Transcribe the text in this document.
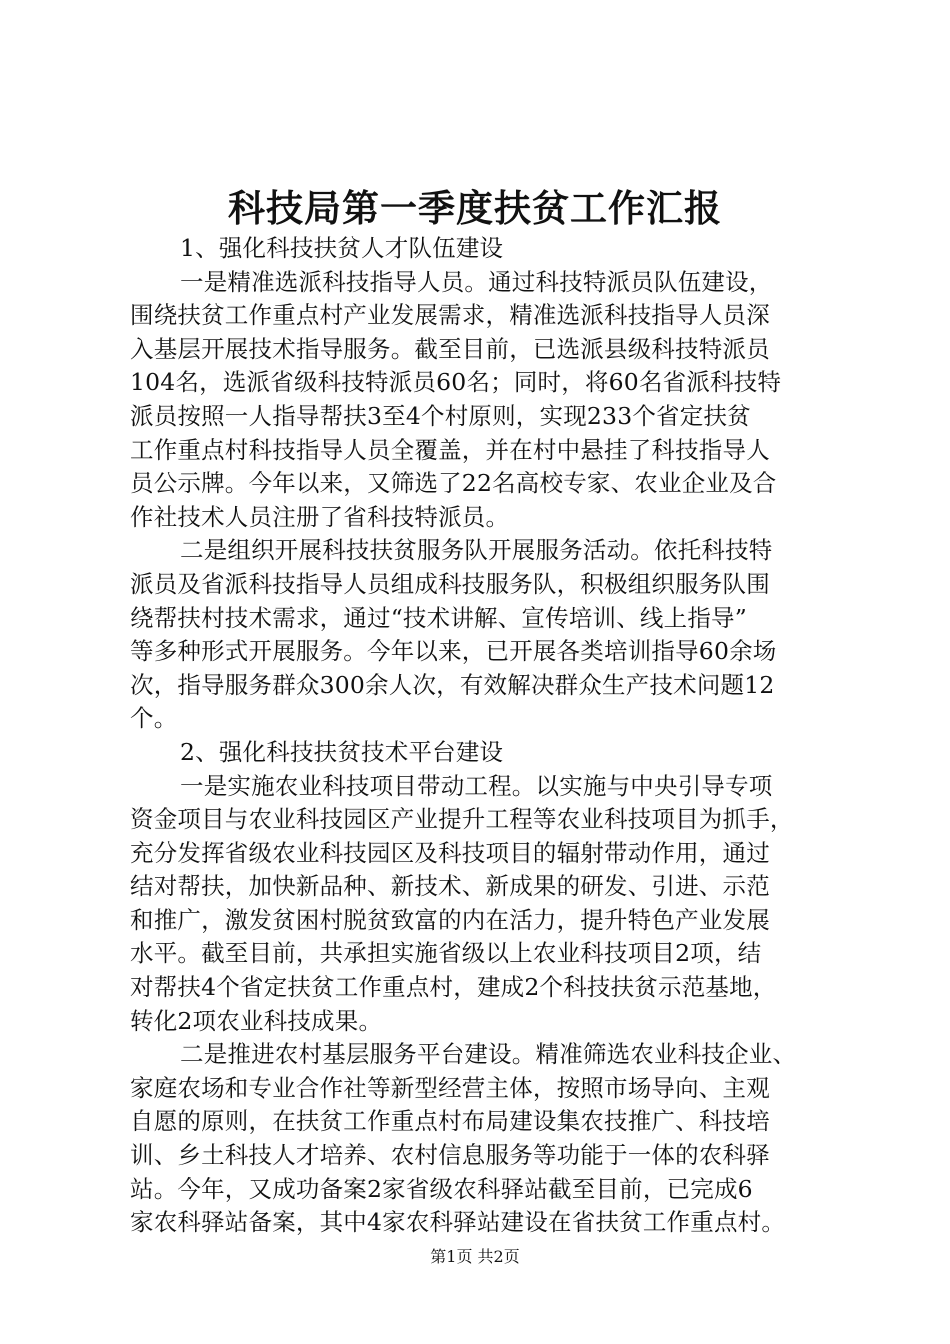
科技局第一季度扶贫工作汇报
1、强化科技扶贫人才队伍建设
一是精准选派科技指导人员。通过科技特派员队伍建设，
围绕扶贫工作重点村产业发展需求，精准选派科技指导人员深
入基层开展技术指导服务。截至目前，已选派县级科技特派员
104名，选派省级科技特派员60名；同时，将60名省派科技特
派员按照一人指导帮扶3至4个村原则，实现233个省定扶贫
工作重点村科技指导人员全覆盖，并在村中悬挂了科技指导人
员公示牌。今年以来，又筛选了22名高校专家、农业企业及合
作社技术人员注册了省科技特派员。
二是组织开展科技扶贫服务队开展服务活动。依托科技特
派员及省派科技指导人员组成科技服务队，积极组织服务队围
绕帮扶村技术需求，通过“技术讲解、宣传培训、线上指导”
等多种形式开展服务。今年以来，已开展各类培训指导60余场
次，指导服务群众300余人次，有效解决群众生产技术问题12
个。
2、强化科技扶贫技术平台建设
一是实施农业科技项目带动工程。以实施与中央引导专项
资金项目与农业科技园区产业提升工程等农业科技项目为抓手，
充分发挥省级农业科技园区及科技项目的辐射带动作用，通过
结对帮扶，加快新品种、新技术、新成果的研发、引进、示范
和推广，激发贫困村脱贫致富的内在活力，提升特色产业发展
水平。截至目前，共承担实施省级以上农业科技项目2项，结
对帮扶4个省定扶贫工作重点村，建成2个科技扶贫示范基地，
转化2项农业科技成果。
二是推进农村基层服务平台建设。精准筛选农业科技企业、
家庭农场和专业合作社等新型经营主体，按照市场导向、主观
自愿的原则，在扶贫工作重点村布局建设集农技推广、科技培
训、乡土科技人才培养、农村信息服务等功能于一体的农科驿
站。今年，又成功备案2家省级农科驿站截至目前，已完成6
家农科驿站备案，其中4家农科驿站建设在省扶贫工作重点村。
第1页 共2页
